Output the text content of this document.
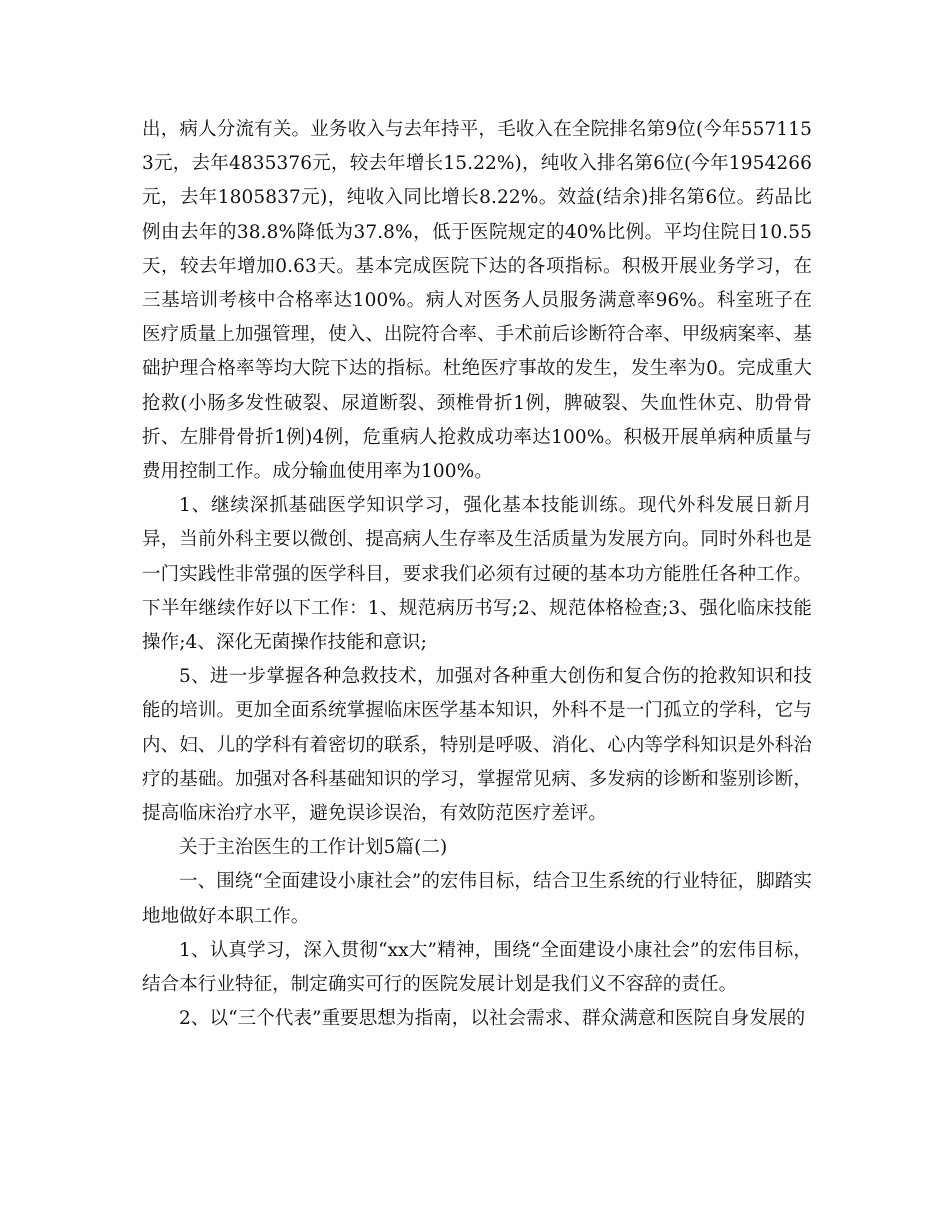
出，病人分流有关。业务收入与去年持平，毛收入在全院排名第9位(今年5571153元，去年4835376元，较去年增长15.22%)，纯收入排名第6位(今年1954266元，去年1805837元)，纯收入同比增长8.22%。效益(结余)排名第6位。药品比例由去年的38.8%降低为37.8%，低于医院规定的40%比例。平均住院日10.55天，较去年增加0.63天。基本完成医院下达的各项指标。积极开展业务学习，在三基培训考核中合格率达100%。病人对医务人员服务满意率96%。科室班子在医疗质量上加强管理，使入、出院符合率、手术前后诊断符合率、甲级病案率、基础护理合格率等均大院下达的指标。杜绝医疗事故的发生，发生率为0。完成重大抢救(小肠多发性破裂、尿道断裂、颈椎骨折1例，脾破裂、失血性休克、肋骨骨折、左腓骨骨折1例)4例，危重病人抢救成功率达100%。积极开展单病种质量与费用控制工作。成分输血使用率为100%。

1、继续深抓基础医学知识学习，强化基本技能训练。现代外科发展日新月异，当前外科主要以微创、提高病人生存率及生活质量为发展方向。同时外科也是一门实践性非常强的医学科目，要求我们必须有过硬的基本功方能胜任各种工作。下半年继续作好以下工作：1、规范病历书写;2、规范体格检查;3、强化临床技能操作;4、深化无菌操作技能和意识;

5、进一步掌握各种急救技术，加强对各种重大创伤和复合伤的抢救知识和技能的培训。更加全面系统掌握临床医学基本知识，外科不是一门孤立的学科，它与内、妇、儿的学科有着密切的联系，特别是呼吸、消化、心内等学科知识是外科治疗的基础。加强对各科基础知识的学习，掌握常见病、多发病的诊断和鉴别诊断，提高临床治疗水平，避免误诊误治，有效防范医疗差评。

关于主治医生的工作计划5篇(二)

一、围绕“全面建设小康社会”的宏伟目标，结合卫生系统的行业特征，脚踏实地地做好本职工作。

1、认真学习，深入贯彻“xx大”精神，围绕“全面建设小康社会”的宏伟目标，结合本行业特征，制定确实可行的医院发展计划是我们义不容辞的责任。

2、以“三个代表”重要思想为指南，以社会需求、群众满意和医院自身发展的
